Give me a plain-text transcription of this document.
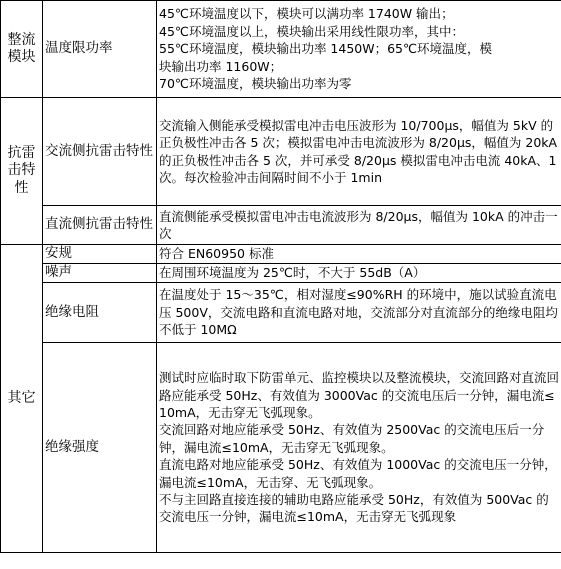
整流模块	温度限功率	45℃环境温度以下，模块可以满功率 1740W 输出；
45℃环境温度以上，模块输出采用线性限功率，其中：
55℃环境温度，模块输出功率 1450W；65℃环境温度，模
块输出功率 1160W；
70℃环境温度，模块输出功率为零

抗雷击特性	交流侧抗雷击特性	交流输入侧能承受模拟雷电冲击电压波形为 10/700μs，幅值为 5kV 的正负极性冲击各 5 次；模拟雷电冲击电流波形为 8/20μs，幅值为 20kA 的正负极性冲击各 5 次，并可承受 8/20μs 模拟雷电冲击电流 40kA、1 次。每次检验冲击间隔时间不小于 1min
	直流侧抗雷击特性	直流侧能承受模拟雷电冲击电流波形为 8/20μs，幅值为 10kA 的冲击一次
其它	安规	符合 EN60950 标准
	噪声	在周围环境温度为 25℃时，不大于 55dB（A）
	绝缘电阻	在温度处于 15～35℃，相对湿度≤90%RH 的环境中，施以试验直流电压 500V，交流电路和直流电路对地，交流部分对直流部分的绝缘电阻均不低于 10MΩ
	绝缘强度	测试时应临时取下防雷单元、监控模块以及整流模块，交流回路对直流回路应能承受 50Hz、有效值为 3000Vac 的交流电压后一分钟，漏电流≤10mA，无击穿无飞弧现象。
交流回路对地应能承受 50Hz、有效值为 2500Vac 的交流电压后一分钟，漏电流≤10mA，无击穿无飞弧现象。
直流电路对地应能承受 50Hz、有效值为 1000Vac 的交流电压一分钟，漏电流≤10mA，无击穿、无飞弧现象。
不与主回路直接连接的辅助电路应能承受 50Hz，有效值为 500Vac 的交流电压一分钟，漏电流≤10mA，无击穿无飞弧现象
